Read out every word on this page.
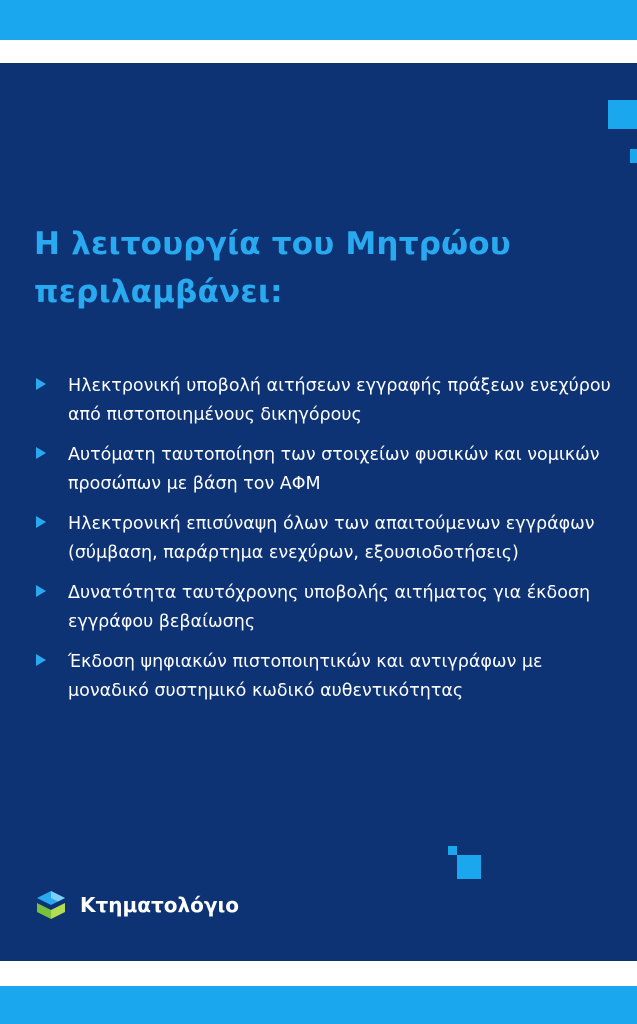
Η λειτουργία του Μητρώου περιλαμβάνει:
Ηλεκτρονική υποβολή αιτήσεων εγγραφής πράξεων ενεχύρου από πιστοποιημένους δικηγόρους
Αυτόματη ταυτοποίηση των στοιχείων φυσικών και νομικών προσώπων με βάση τον ΑΦΜ
Ηλεκτρονική επισύναψη όλων των απαιτούμενων εγγράφων (σύμβαση, παράρτημα ενεχύρων, εξουσιοδοτήσεις)
Δυνατότητα ταυτόχρονης υποβολής αιτήματος για έκδοση εγγράφου βεβαίωσης
Έκδοση ψηφιακών πιστοποιητικών και αντιγράφων με μοναδικό συστημικό κωδικό αυθεντικότητας
Κτηματολόγιο
